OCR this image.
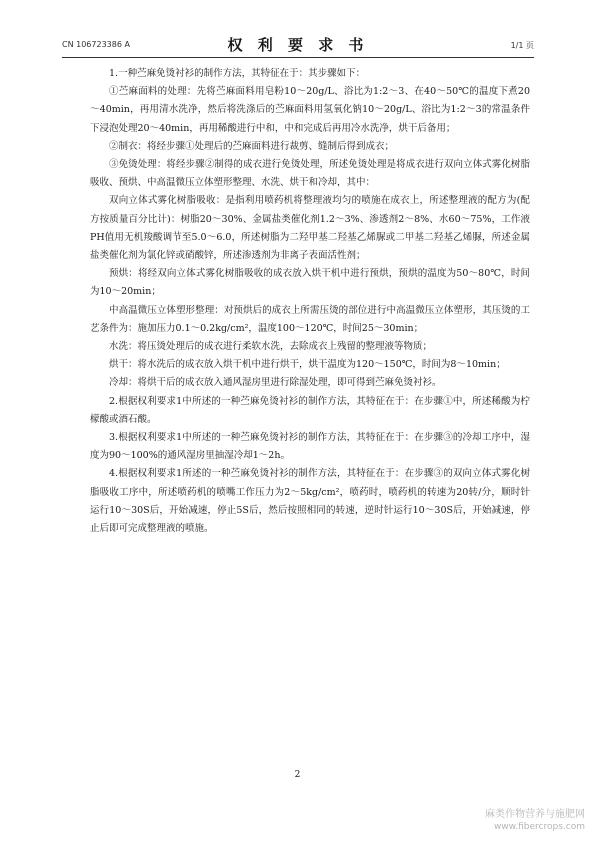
CN 106723386 A	权 利 要 求 书	1/1 页

1.一种苎麻免烫衬衫的制作方法，其特征在于：其步骤如下：

①苎麻面料的处理：先将苎麻面料用皂粉10～20g/L、浴比为1:2～3、在40～50℃的温度下煮20～40min，再用清水洗净，然后将洗涤后的苎麻面料用氢氧化钠10～20g/L、浴比为1:2～3的常温条件下浸泡处理20～40min，再用稀酸进行中和，中和完成后再用冷水洗净，烘干后备用；

②制衣：将经步骤①处理后的苎麻面料进行裁剪、缝制后得到成衣；

③免烫处理：将经步骤②制得的成衣进行免烫处理，所述免烫处理是将成衣进行双向立体式雾化树脂吸收、预烘、中高温微压立体塑形整理、水洗、烘干和冷却，其中：

双向立体式雾化树脂吸收：是指利用喷药机将整理液均匀的喷施在成衣上，所述整理液的配方为(配方按质量百分比计)：树脂20～30%、金属盐类催化剂1.2～3%、渗透剂2～8%、水60～75%，工作液PH值用无机羧酸调节至5.0～6.0，所述树脂为二羟甲基二羟基乙烯脲或二甲基二羟基乙烯脲，所述金属盐类催化剂为氯化锌或硝酸锌，所述渗透剂为非离子表面活性剂；

预烘：将经双向立体式雾化树脂吸收的成衣放入烘干机中进行预烘，预烘的温度为50～80℃，时间为10～20min；

中高温微压立体塑形整理：对预烘后的成衣上所需压烫的部位进行中高温微压立体塑形，其压烫的工艺条件为：施加压力0.1～0.2kg/cm²，温度100～120℃，时间25～30min；

水洗：将压烫处理后的成衣进行柔软水洗，去除成衣上残留的整理液等物质；

烘干：将水洗后的成衣放入烘干机中进行烘干，烘干温度为120～150℃，时间为8～10min；

冷却：将烘干后的成衣放入通风湿房里进行除湿处理，即可得到苎麻免烫衬衫。

2.根据权利要求1中所述的一种苎麻免烫衬衫的制作方法，其特征在于：在步骤①中，所述稀酸为柠檬酸或酒石酸。

3.根据权利要求1中所述的一种苎麻免烫衬衫的制作方法，其特征在于：在步骤③的冷却工序中，湿度为90～100%的通风湿房里抽湿冷却1～2h。

4.根据权利要求1所述的一种苎麻免烫衬衫的制作方法，其特征在于：在步骤③的双向立体式雾化树脂吸收工序中，所述喷药机的喷嘴工作压力为2～5kg/cm²，喷药时，喷药机的转速为20转/分，顺时针运行10～30S后，开始减速，停止5S后，然后按照相同的转速，逆时针运行10～30S后，开始减速，停止后即可完成整理液的喷施。

2
麻类作物营养与施肥网
www.fibercrops.com
